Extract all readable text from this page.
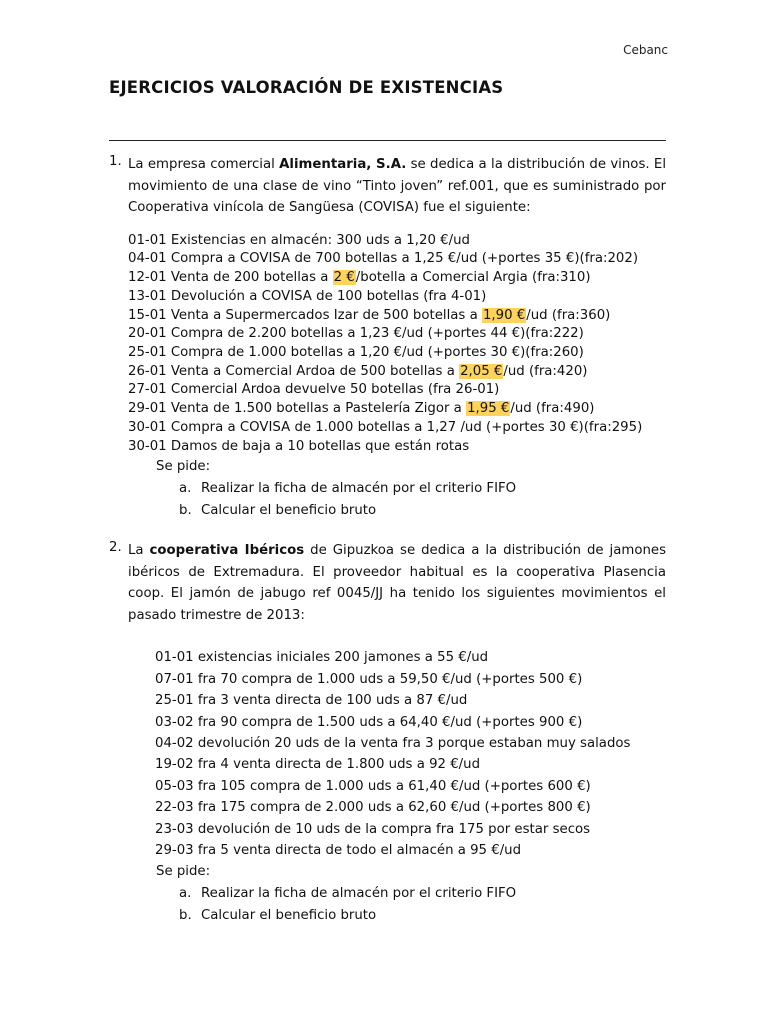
Cebanc
EJERCICIOS VALORACIÓN DE EXISTENCIAS
1. La empresa comercial Alimentaria, S.A. se dedica a la distribución de vinos. El movimiento de una clase de vino “Tinto joven” ref.001, que es suministrado por Cooperativa vinícola de Sangüesa (COVISA) fue el siguiente:
01-01 Existencias en almacén: 300 uds a 1,20 €/ud
04-01 Compra a COVISA de 700 botellas a 1,25 €/ud (+portes 35 €)(fra:202)
12-01 Venta de 200 botellas a 2 €/botella a Comercial Argia (fra:310)
13-01 Devolución a COVISA de 100 botellas (fra 4-01)
15-01 Venta a Supermercados Izar de 500 botellas a 1,90 €/ud (fra:360)
20-01 Compra de 2.200 botellas a 1,23 €/ud (+portes 44 €)(fra:222)
25-01 Compra de 1.000 botellas a 1,20 €/ud (+portes 30 €)(fra:260)
26-01 Venta a Comercial Ardoa de 500 botellas a 2,05 €/ud (fra:420)
27-01 Comercial Ardoa devuelve 50 botellas (fra 26-01)
29-01 Venta de 1.500 botellas a Pastelería Zigor a 1,95 €/ud (fra:490)
30-01 Compra a COVISA de 1.000 botellas a 1,27 /ud (+portes 30 €)(fra:295)
30-01 Damos de baja a 10 botellas que están rotas
Se pide:
a. Realizar la ficha de almacén por el criterio FIFO
b. Calcular el beneficio bruto
2. La cooperativa Ibéricos de Gipuzkoa se dedica a la distribución de jamones ibéricos de Extremadura. El proveedor habitual es la cooperativa Plasencia coop. El jamón de jabugo ref 0045/JJ ha tenido los siguientes movimientos el pasado trimestre de 2013:
01-01 existencias iniciales 200 jamones a 55 €/ud
07-01 fra 70 compra de 1.000 uds a 59,50 €/ud (+portes 500 €)
25-01 fra 3 venta directa de 100 uds a 87 €/ud
03-02 fra 90 compra de 1.500 uds a 64,40 €/ud (+portes 900 €)
04-02 devolución 20 uds de la venta fra 3 porque estaban muy salados
19-02 fra 4 venta directa de 1.800 uds a 92 €/ud
05-03 fra 105 compra de 1.000 uds a 61,40 €/ud (+portes 600 €)
22-03 fra 175 compra de 2.000 uds a 62,60 €/ud (+portes 800 €)
23-03 devolución de 10 uds de la compra fra 175 por estar secos
29-03 fra 5 venta directa de todo el almacén a 95 €/ud
Se pide:
a. Realizar la ficha de almacén por el criterio FIFO
b. Calcular el beneficio bruto
